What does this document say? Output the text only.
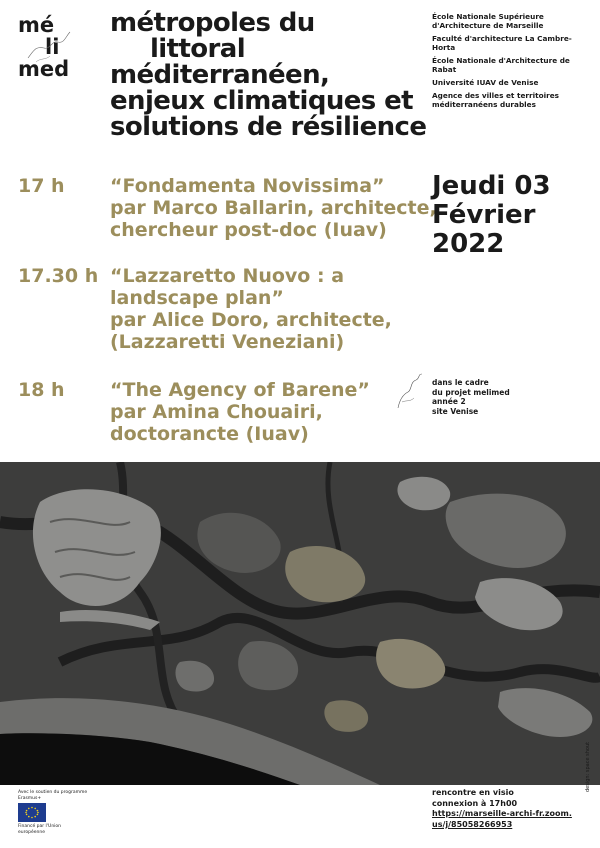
mé
li
med
métropoles du
littoral
méditerranéen,
enjeux climatiques et
solutions de résilience
École Nationale Supérieure d'Architecture de Marseille
Faculté d'architecture La Cambre-Horta
École Nationale d'Architecture de Rabat
Université IUAV de Venise
Agence des villes et territoires méditerranéens durables
17 h “Fondamenta Novissima”
par Marco Ballarin, architecte,
chercheur post-doc (Iuav)
17.30 h “Lazzaretto Nuovo : a
landscape plan”
par Alice Doro, architecte,
(Lazzaretti Veneziani)
18 h “The Agency of Barene”
par Amina Chouairi,
doctorancte (Iuav)
Jeudi 03
Février
2022
dans le cadre
du projet melimed
année 2
site Venise
Avec le soutien du programme Erasmus+
Financé par l'Union européenne
rencontre en visio
connexion à 17h00
https://marseille-archi-fr.zoom.
us/j/85058266953
design: space shout
